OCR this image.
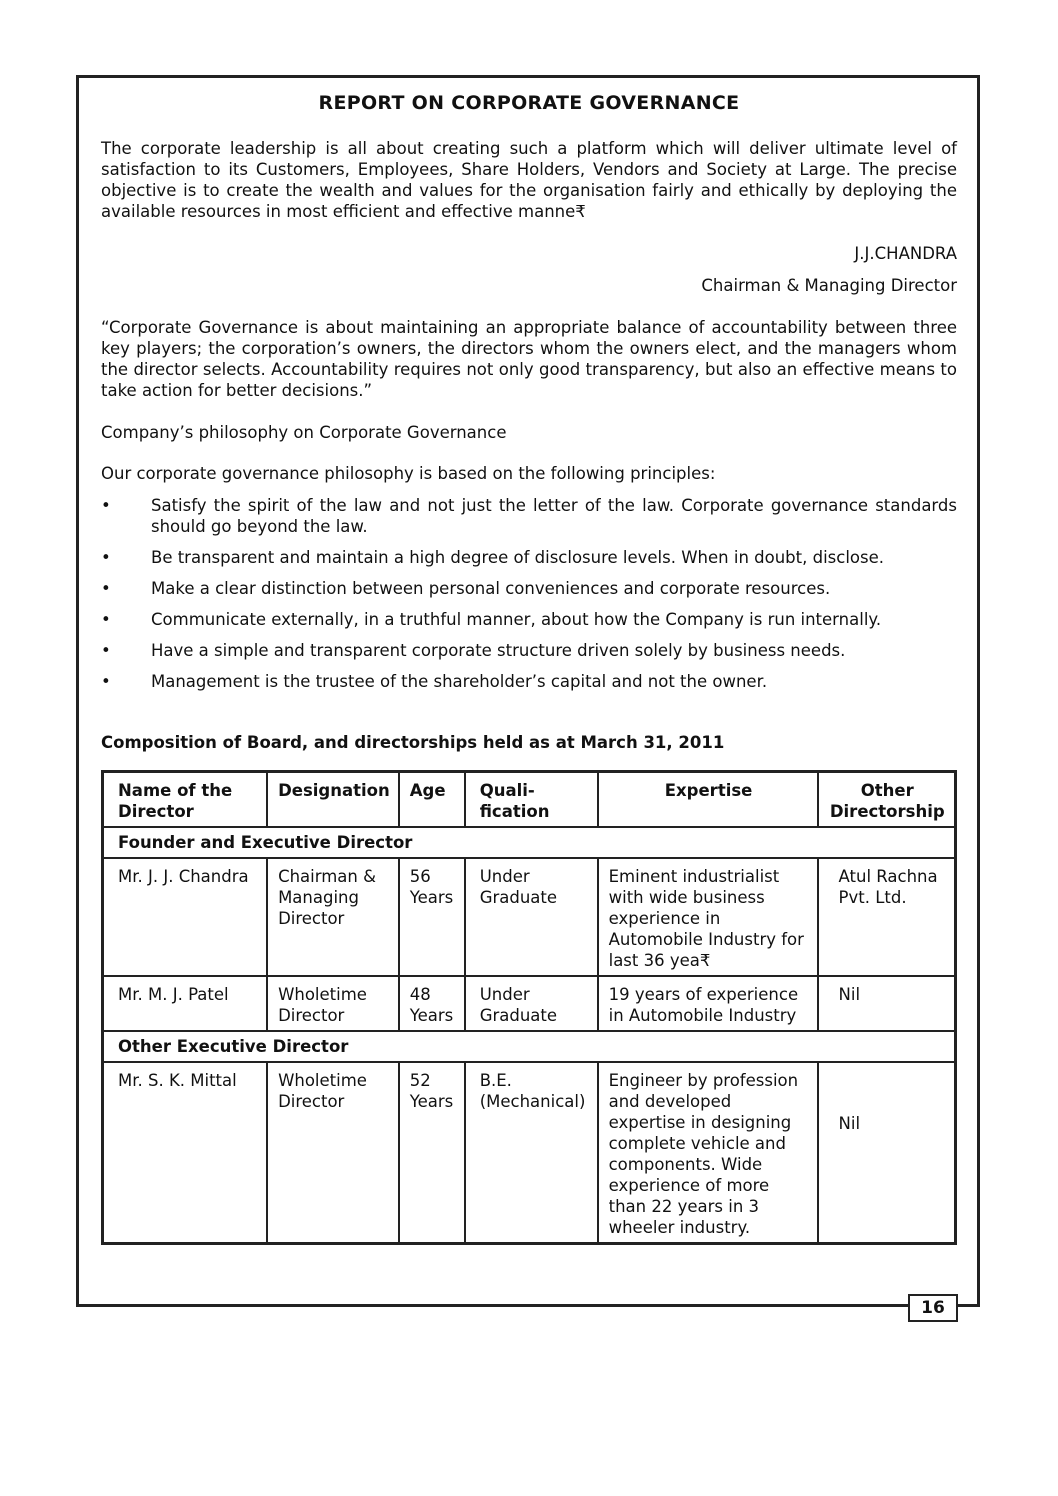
REPORT ON CORPORATE GOVERNANCE

The corporate leadership is all about creating such a platform which will deliver ultimate level of satisfaction to its Customers, Employees, Share Holders, Vendors and Society at Large. The precise objective is to create the wealth and values for the organisation fairly and ethically by deploying the available resources in most efficient and effective manne₹

J.J.CHANDRA

Chairman & Managing Director

“Corporate Governance is about maintaining an appropriate balance of accountability between three key players; the corporation’s owners, the directors whom the owners elect, and the managers whom the director selects. Accountability requires not only good transparency, but also an effective means to take action for better decisions.”

Company’s philosophy on Corporate Governance

Our corporate governance philosophy is based on the following principles:

• Satisfy the spirit of the law and not just the letter of the law. Corporate governance standards should go beyond the law.
• Be transparent and maintain a high degree of disclosure levels. When in doubt, disclose.
• Make a clear distinction between personal conveniences and corporate resources.
• Communicate externally, in a truthful manner, about how the Company is run internally.
• Have a simple and transparent corporate structure driven solely by business needs.
• Management is the trustee of the shareholder’s capital and not the owner.
Composition of Board, and directorships held as at March 31, 2011
Name of the Director	Designation	Age	Quali-fication	Expertise	Other Directorship
Founder and Executive Director					
Mr. J. J. Chandra	Chairman & Managing Director	56 Years	Under Graduate	Eminent industrialist with wide business experience in Automobile Industry for last 36 yea₹	Atul Rachna Pvt. Ltd.
Mr. M. J. Patel	Wholetime Director	48 Years	Under Graduate	19 years of experience in Automobile Industry	Nil
Other Executive Director					
Mr. S. K. Mittal	Wholetime Director	52 Years	B.E. (Mechanical)	Engineer by profession and developed expertise in designing complete vehicle and components. Wide experience of more than 22 years in 3 wheeler industry.	Nil
16
